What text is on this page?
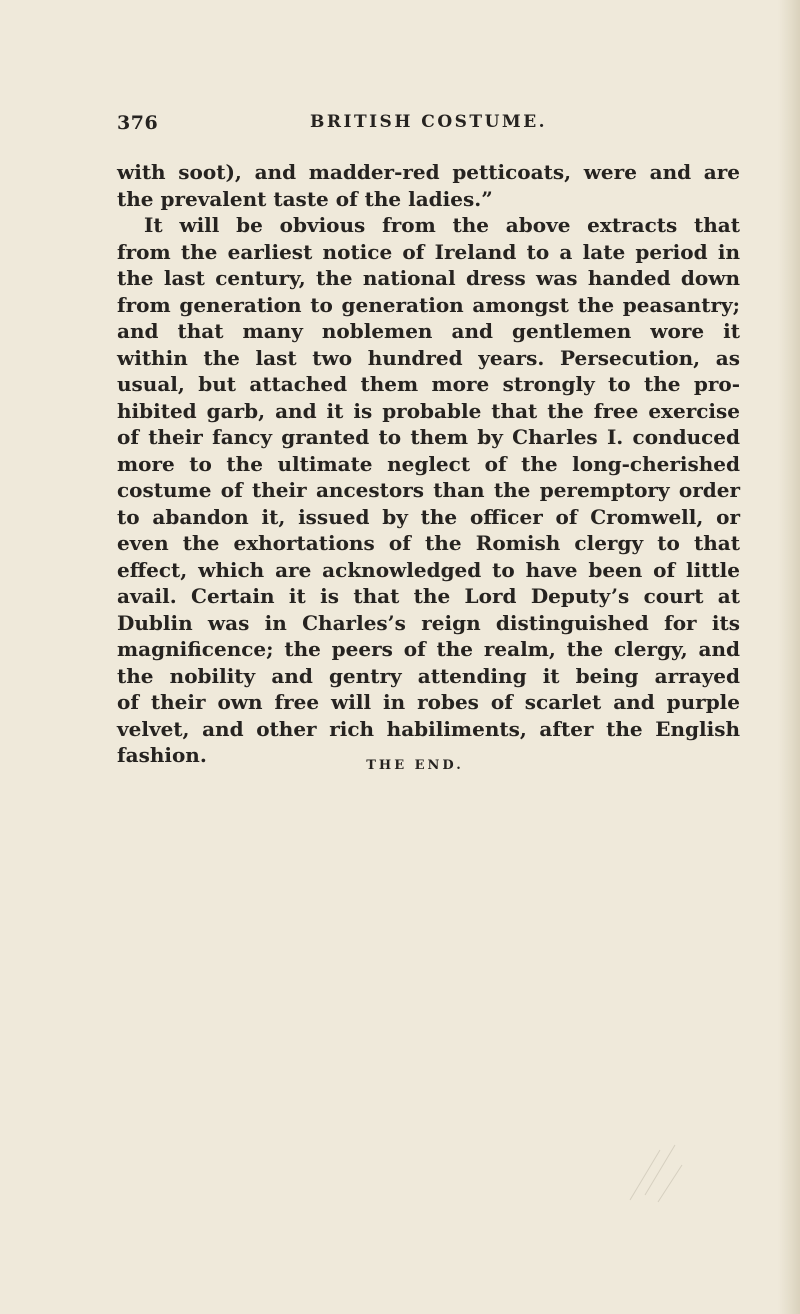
376	BRITISH COSTUME.
with soot), and madder-red petticoats, were and are
the prevalent taste of the ladies.”
It will be obvious from the above extracts that
from the earliest notice of Ireland to a late period in
the last century, the national dress was handed down
from generation to generation amongst the peasantry;
and that many noblemen and gentlemen wore it
within the last two hundred years. Persecution, as
usual, but attached them more strongly to the pro-
hibited garb, and it is probable that the free exercise
of their fancy granted to them by Charles I. conduced
more to the ultimate neglect of the long-cherished
costume of their ancestors than the peremptory order
to abandon it, issued by the officer of Cromwell, or
even the exhortations of the Romish clergy to that
effect, which are acknowledged to have been of little
avail. Certain it is that the Lord Deputy’s court at
Dublin was in Charles’s reign distinguished for its
magnificence; the peers of the realm, the clergy, and
the nobility and gentry attending it being arrayed
of their own free will in robes of scarlet and purple
velvet, and other rich habiliments, after the English
fashion.	THE END.
